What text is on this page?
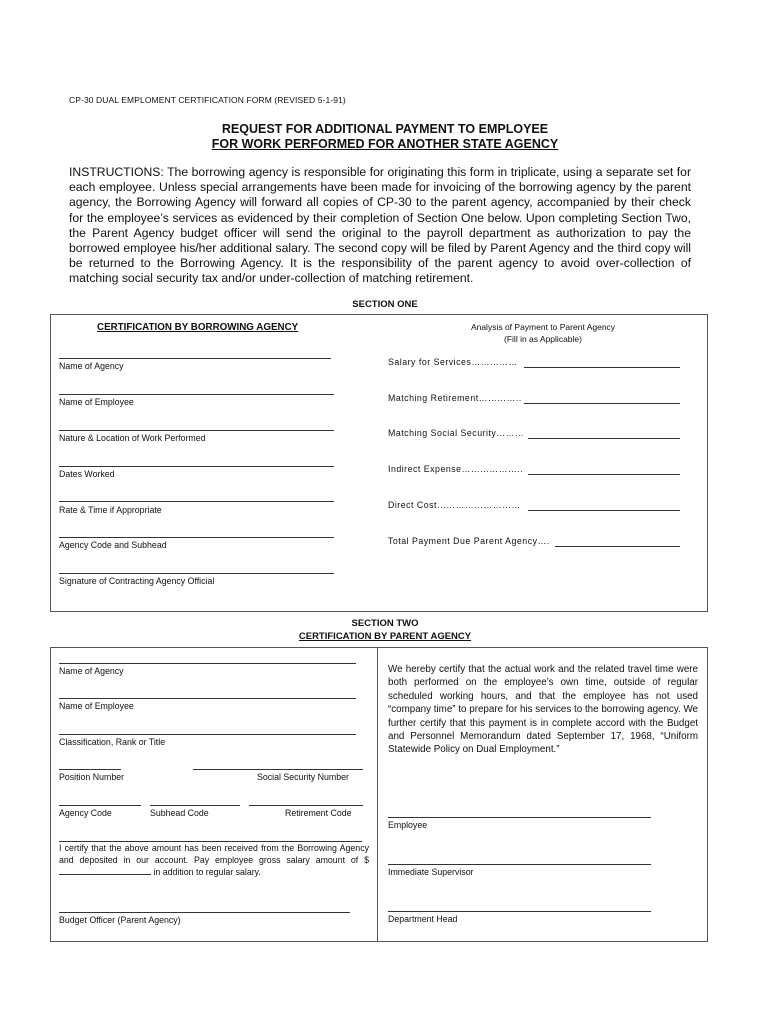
CP-30 DUAL EMPLOMENT CERTIFICATION FORM (REVISED 5-1-91)
REQUEST FOR ADDITIONAL PAYMENT TO EMPLOYEE
FOR WORK PERFORMED FOR ANOTHER STATE AGENCY
INSTRUCTIONS: The borrowing agency is responsible for originating this form in triplicate, using a separate set for each employee. Unless special arrangements have been made for invoicing of the borrowing agency by the parent agency, the Borrowing Agency will forward all copies of CP-30 to the parent agency, accompanied by their check for the employee’s services as evidenced by their completion of Section One below. Upon completing Section Two, the Parent Agency budget officer will send the original to the payroll department as authorization to pay the borrowed employee his/her additional salary. The second copy will be filed by Parent Agency and the third copy will be returned to the Borrowing Agency. It is the responsibility of the parent agency to avoid over-collection of matching social security tax and/or under-collection of matching retirement.
SECTION ONE
CERTIFICATION BY BORROWING AGENCY	Analysis of Payment to Parent Agency
(Fill in as Applicable)
Name of Agency
Name of Employee
Nature & Location of Work Performed
Dates Worked
Rate & Time if Appropriate
Agency Code and Subhead
Signature of Contracting Agency Official
Salary for Services……………
Matching Retirement…………..
Matching Social Security………
Indirect Expense………………..
Direct Cost………………………
Total Payment Due Parent Agency….
SECTION TWO
CERTIFICATION BY PARENT AGENCY
Name of Agency
Name of Employee
Classification, Rank or Title
Position Number	Social Security Number
Agency Code	Subhead Code	Retirement Code
I certify that the above amount has been received from the Borrowing Agency and deposited in our account. Pay employee gross salary amount of $ in addition to regular salary.
Budget Officer (Parent Agency)
We hereby certify that the actual work and the related travel time were both performed on the employee’s own time, outside of regular scheduled working hours, and that the employee has not used “company time” to prepare for his services to the borrowing agency. We further certify that this payment is in complete accord with the Budget and Personnel Memorandum dated September 17, 1968, “Uniform Statewide Policy on Dual Employment.”
Employee
Immediate Supervisor
Department Head
